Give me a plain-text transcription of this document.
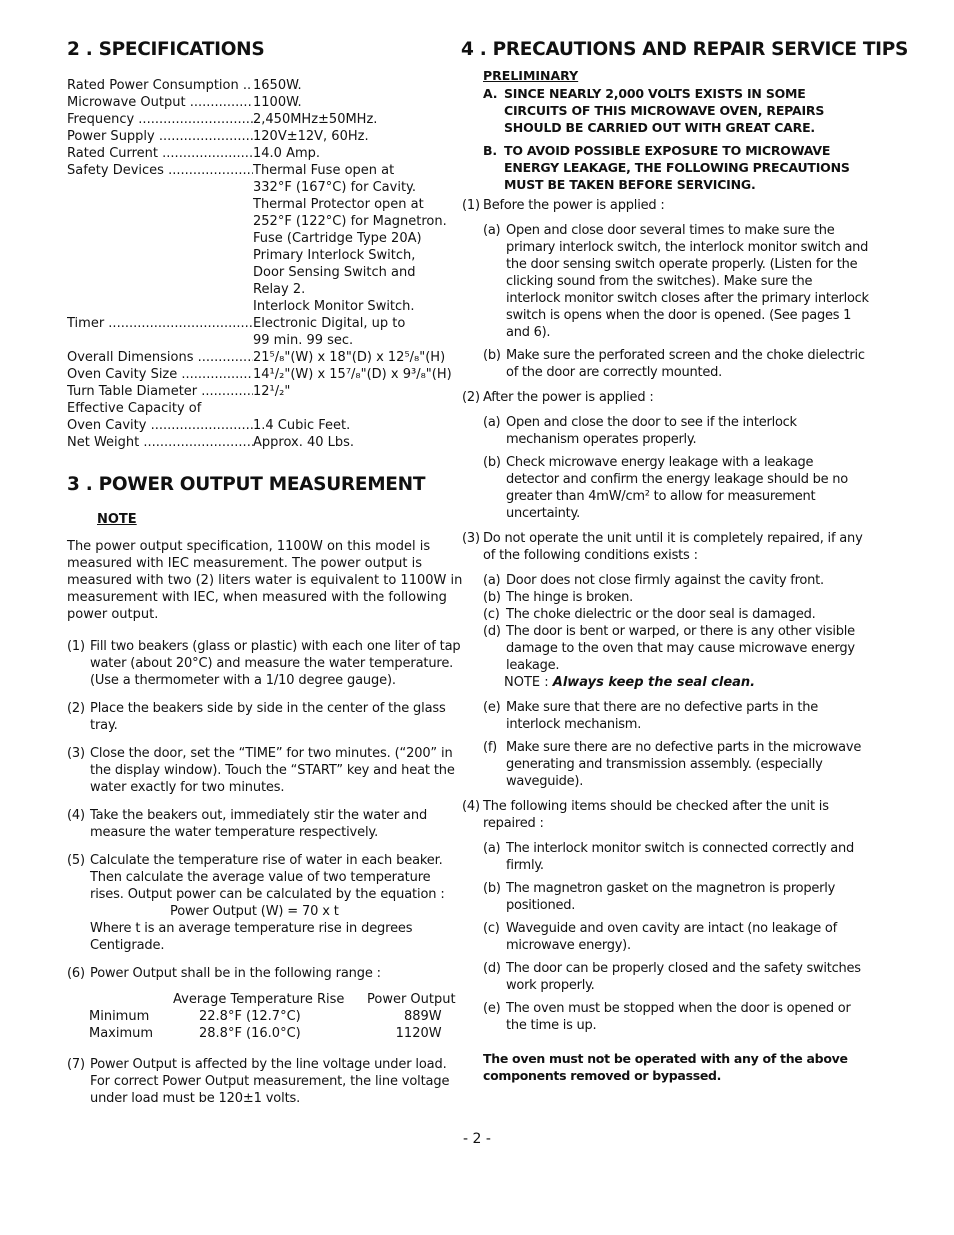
2 . SPECIFICATIONS
Rated Power Consumption .. 1650W.
Microwave Output .....	1100W.
Frequency .....	2,450MHz±50MHz.
Power Supply .....	120V±12V, 60Hz.
Rated Current .....	14.0 Amp.
Safety Devices .....	Thermal Fuse open at
332°F (167°C) for Cavity.
Thermal Protector open at
252°F (122°C) for Magnetron.
Fuse (Cartridge Type 20A)
Primary Interlock Switch,
Door Sensing Switch and
Relay 2.
Interlock Monitor Switch.
Timer .....	Electronic Digital, up to
99 min. 99 sec.
Overall Dimensions .....	21⁵/₈"(W) x 18"(D) x 12⁵/₈"(H)
Oven Cavity Size .....	14¹/₂"(W) x 15⁷/₈"(D) x 9³/₈"(H)
Turn Table Diameter .....	12¹/₂"
Effective Capacity of
Oven Cavity .....	1.4 Cubic Feet.
Net Weight .....	Approx. 40 Lbs.
3 . POWER OUTPUT MEASUREMENT
NOTE

The power output specification, 1100W on this model is measured with IEC measurement. The power output is measured with two (2) liters water is equivalent to 1100W in measurement with IEC, when measured with the following power output.

(1) Fill two beakers (glass or plastic) with each one liter of tap water (about 20°C) and measure the water temperature. (Use a thermometer with a 1/10 degree gauge).
(2) Place the beakers side by side in the center of the glass tray.
(3) Close the door, set the “TIME” for two minutes. (“200” in the display window). Touch the “START” key and heat the water exactly for two minutes.
(4) Take the beakers out, immediately stir the water and measure the water temperature respectively.
(5) Calculate the temperature rise of water in each beaker. Then calculate the average value of two temperature rises. Output power can be calculated by the equation :
Power Output (W) = 70 x t
Where t is an average temperature rise in degrees Centigrade.
(6) Power Output shall be in the following range :
	Average Temperature Rise	Power Output
Minimum	22.8°F (12.7°C)	889W
Maximum	28.8°F (16.0°C)	1120W
(7) Power Output is affected by the line voltage under load. For correct Power Output measurement, the line voltage under load must be 120±1 volts.
4 . PRECAUTIONS AND REPAIR SERVICE TIPS
PRELIMINARY
A. SINCE NEARLY 2,000 VOLTS EXISTS IN SOME CIRCUITS OF THIS MICROWAVE OVEN, REPAIRS SHOULD BE CARRIED OUT WITH GREAT CARE.
B. TO AVOID POSSIBLE EXPOSURE TO MICROWAVE ENERGY LEAKAGE, THE FOLLOWING PRECAUTIONS MUST BE TAKEN BEFORE SERVICING.
(1) Before the power is applied :
(a) Open and close door several times to make sure the primary interlock switch, the interlock monitor switch and the door sensing switch operate properly. (Listen for the clicking sound from the switches). Make sure the interlock monitor switch closes after the primary interlock switch is opens when the door is opened. (See pages 1 and 6).
(b) Make sure the perforated screen and the choke dielectric of the door are correctly mounted.
(2) After the power is applied :
(a) Open and close the door to see if the interlock mechanism operates properly.
(b) Check microwave energy leakage with a leakage detector and confirm the energy leakage should be no greater than 4mW/cm² to allow for measurement uncertainty.
(3) Do not operate the unit until it is completely repaired, if any of the following conditions exists :
(a) Door does not close firmly against the cavity front.
(b) The hinge is broken.
(c) The choke dielectric or the door seal is damaged.
(d) The door is bent or warped, or there is any other visible damage to the oven that may cause microwave energy leakage.
NOTE : Always keep the seal clean.
(e) Make sure that there are no defective parts in the interlock mechanism.
(f) Make sure there are no defective parts in the microwave generating and transmission assembly. (especially waveguide).
(4) The following items should be checked after the unit is repaired :
(a) The interlock monitor switch is connected correctly and firmly.
(b) The magnetron gasket on the magnetron is properly positioned.
(c) Waveguide and oven cavity are intact (no leakage of microwave energy).
(d) The door can be properly closed and the safety switches work properly.
(e) The oven must be stopped when the door is opened or the time is up.
The oven must not be operated with any of the above components removed or bypassed.
- 2 -
